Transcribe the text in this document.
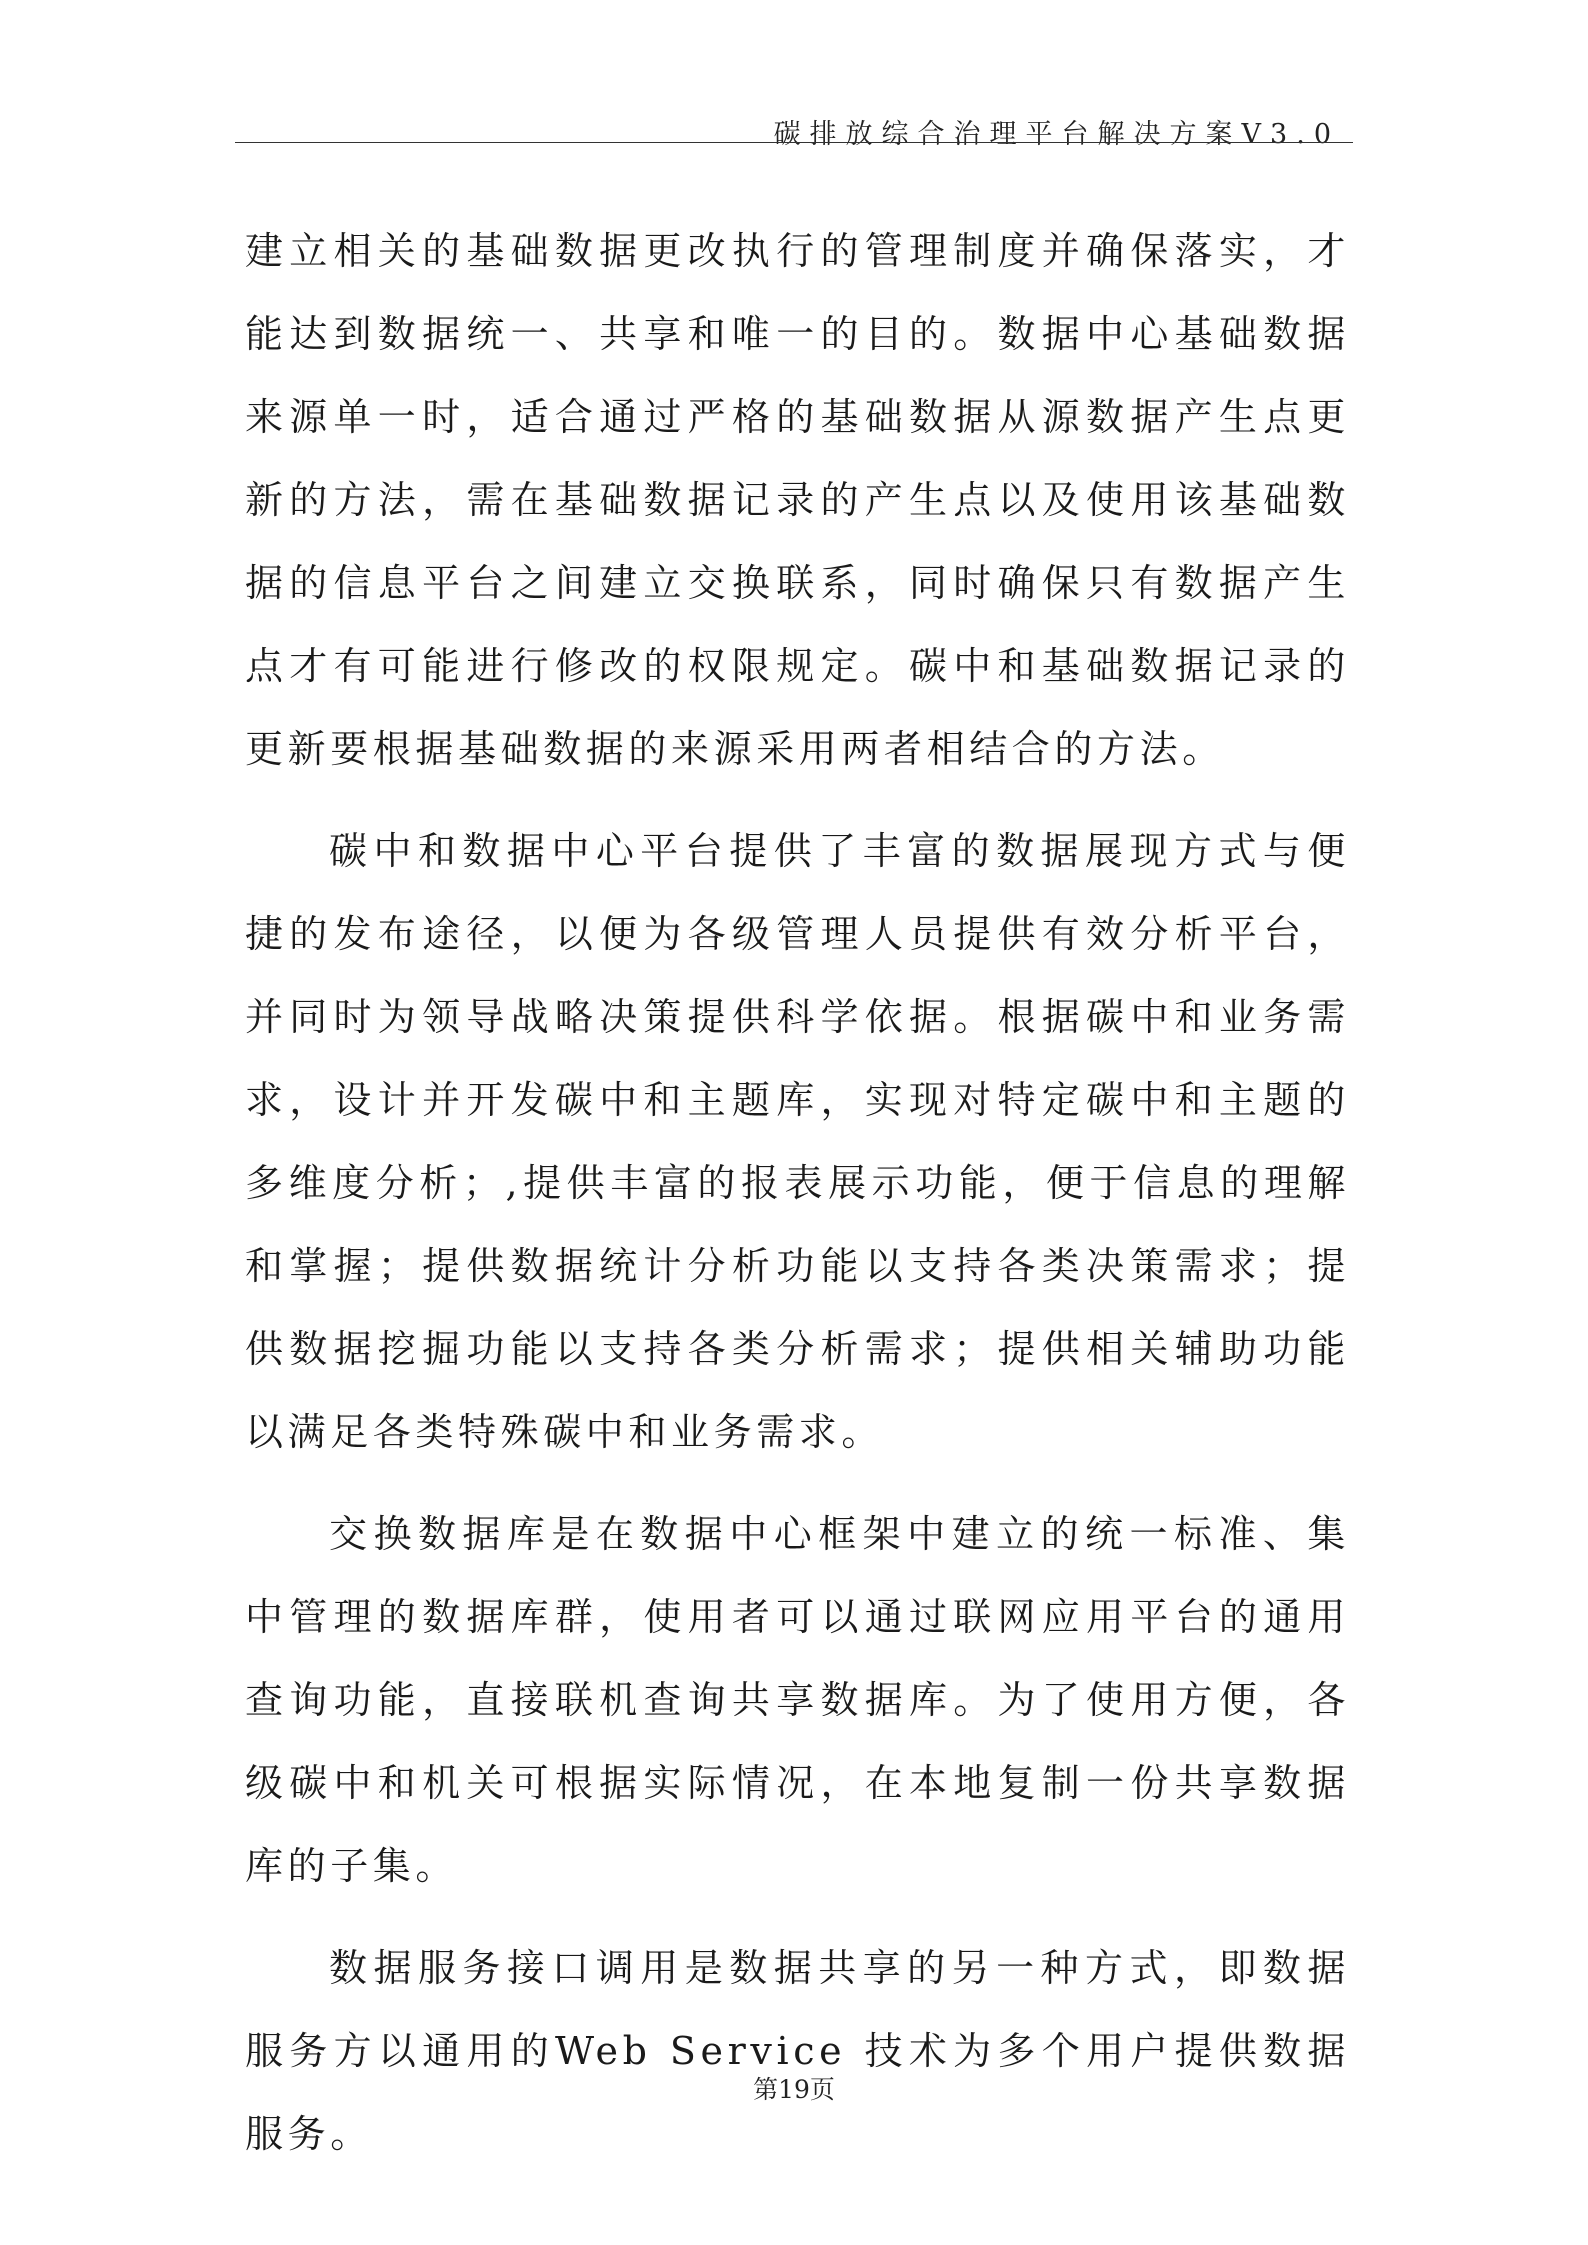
碳排放综合治理平台解决方案V3.0

建立相关的基础数据更改执行的管理制度并确保落实，才能达到数据统一、共享和唯一的目的。数据中心基础数据来源单一时，适合通过严格的基础数据从源数据产生点更新的方法，需在基础数据记录的产生点以及使用该基础数据的信息平台之间建立交换联系，同时确保只有数据产生点才有可能进行修改的权限规定。碳中和基础数据记录的更新要根据基础数据的来源采用两者相结合的方法。

碳中和数据中心平台提供了丰富的数据展现方式与便捷的发布途径，以便为各级管理人员提供有效分析平台，并同时为领导战略决策提供科学依据。根据碳中和业务需求，设计并开发碳中和主题库，实现对特定碳中和主题的多维度分析；,提供丰富的报表展示功能，便于信息的理解和掌握；提供数据统计分析功能以支持各类决策需求；提供数据挖掘功能以支持各类分析需求；提供相关辅助功能以满足各类特殊碳中和业务需求。

交换数据库是在数据中心框架中建立的统一标准、集中管理的数据库群，使用者可以通过联网应用平台的通用查询功能，直接联机查询共享数据库。为了使用方便，各级碳中和机关可根据实际情况，在本地复制一份共享数据库的子集。

数据服务接口调用是数据共享的另一种方式，即数据服务方以通用的Web Service 技术为多个用户提供数据服务。

第19页
